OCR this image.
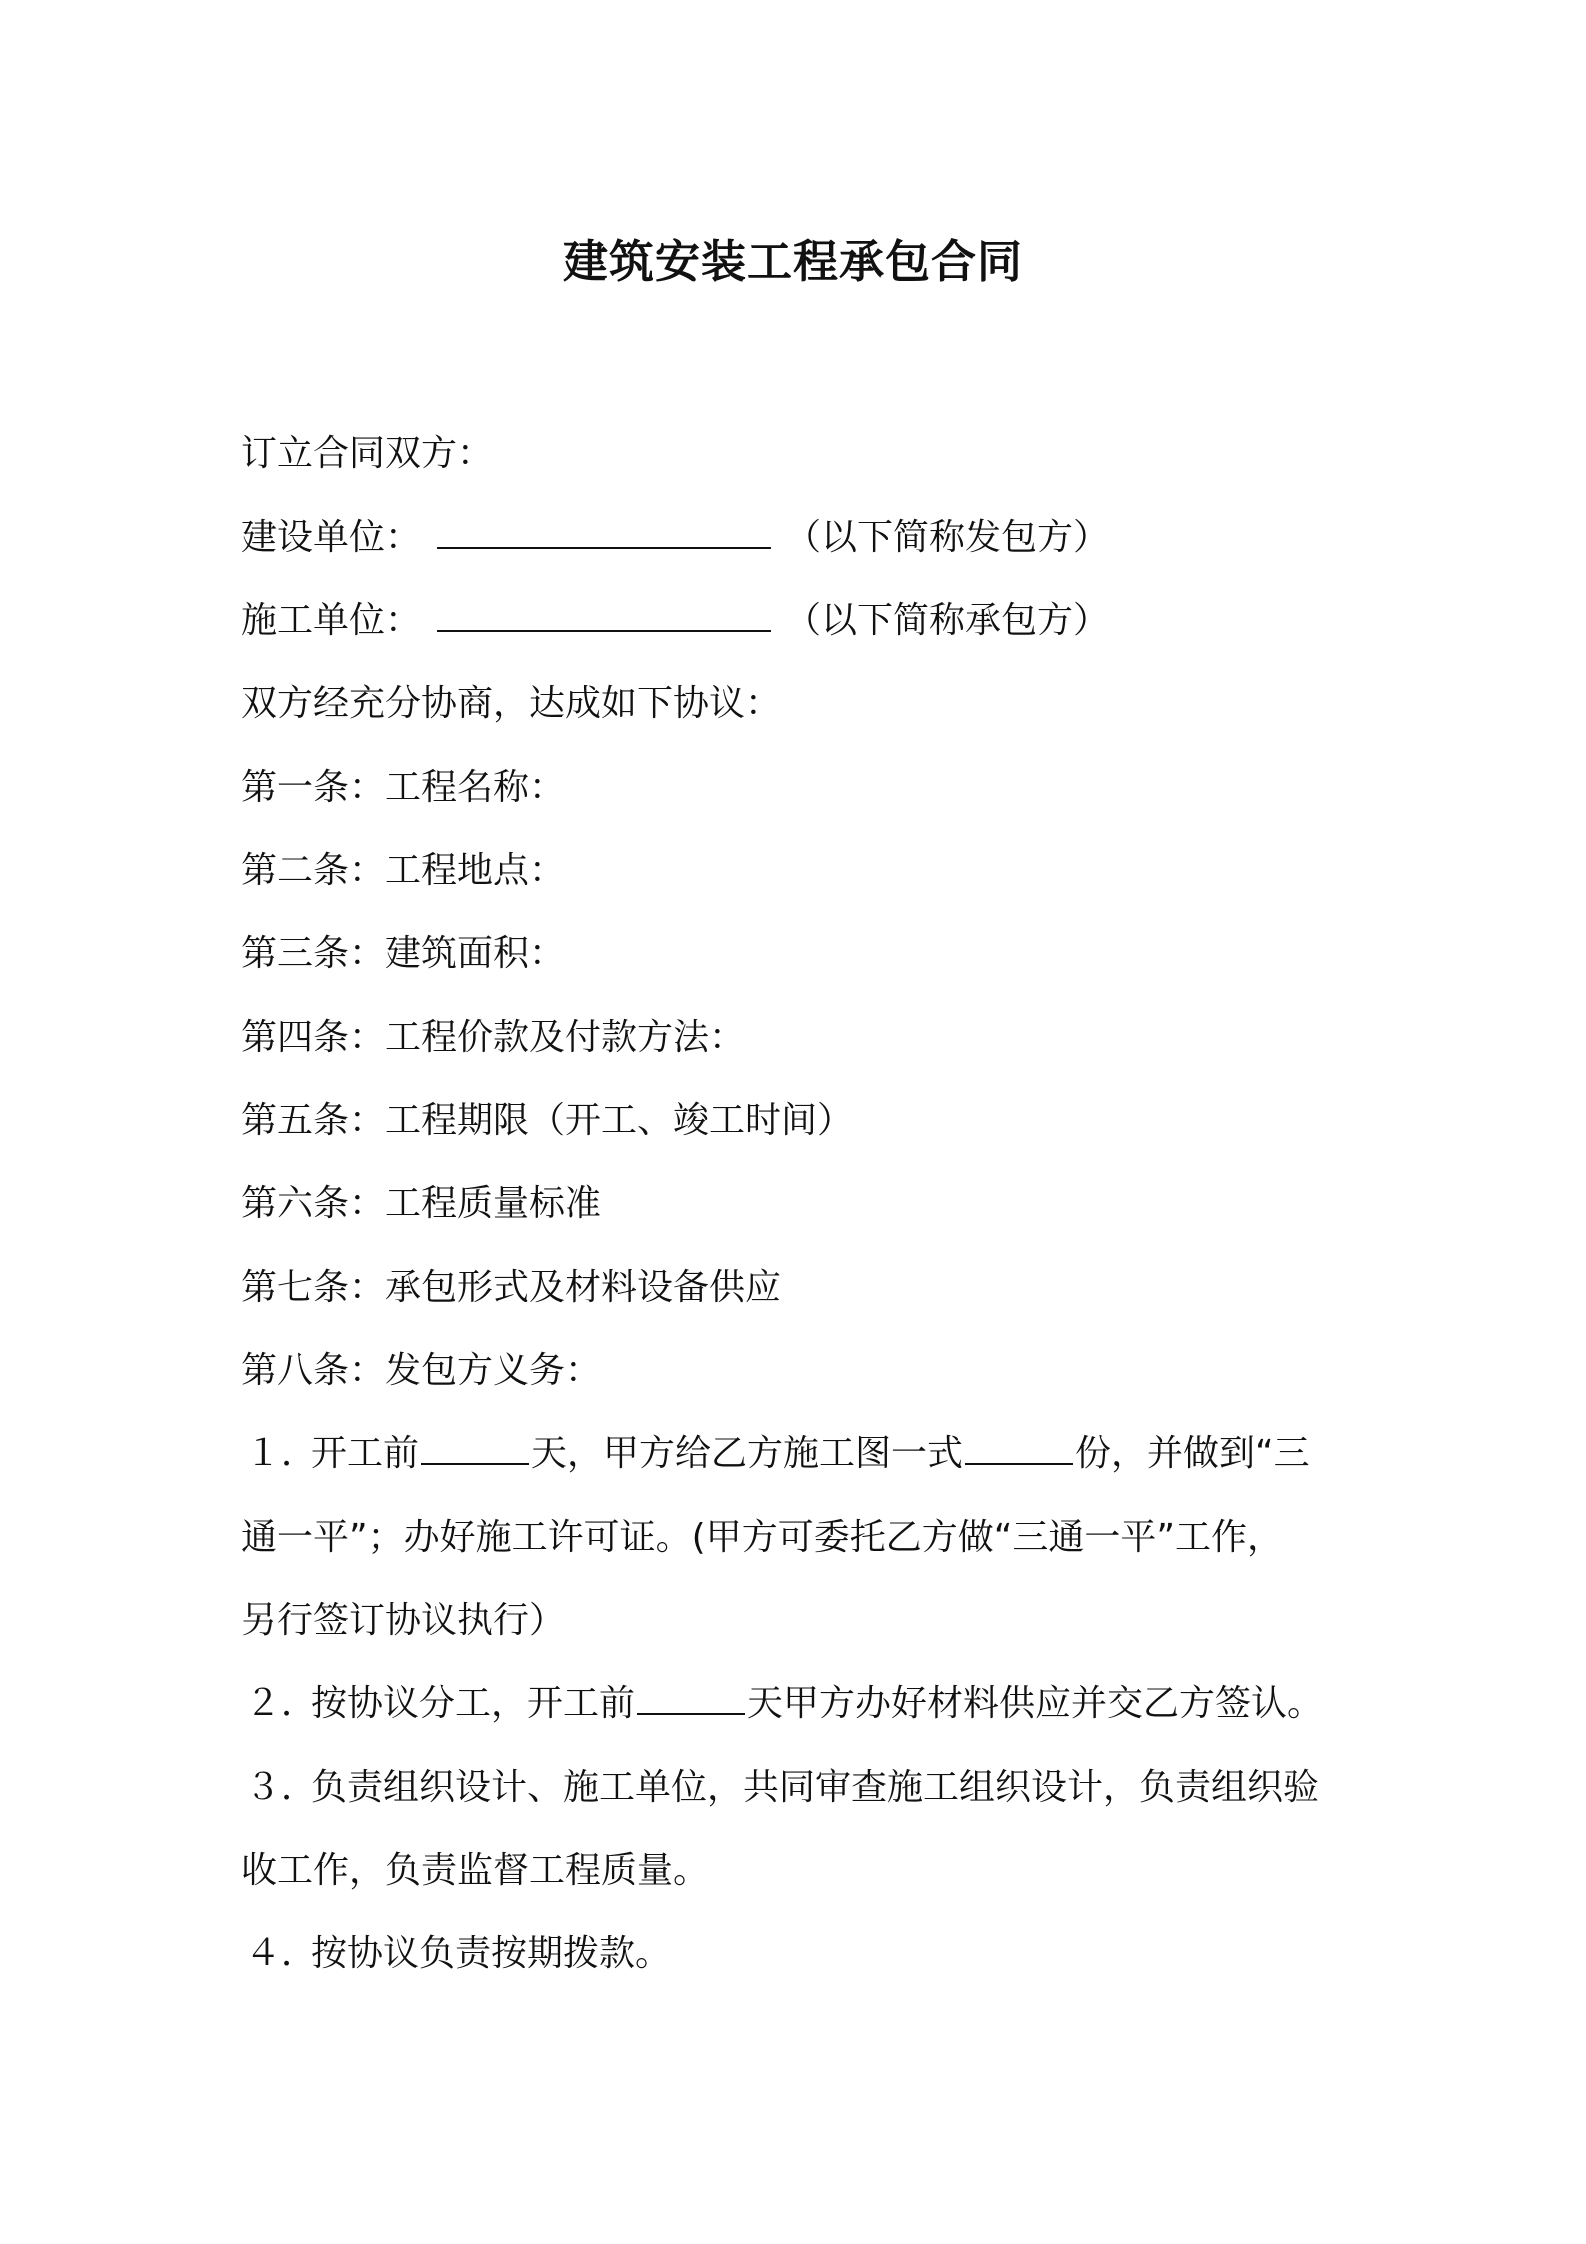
建筑安装工程承包合同
订立合同双方：
建设单位：	（以下简称发包方）
施工单位：	（以下简称承包方）
双方经充分协商，达成如下协议：
第一条：工程名称：
第二条：工程地点：
第三条：建筑面积：
第四条：工程价款及付款方法：
第五条：工程期限（开工、竣工时间）
第六条：工程质量标准
第七条：承包形式及材料设备供应
第八条：发包方义务：
１．开工前	天，甲方给乙方施工图一式	份，并做到“三
通一平”；办好施工许可证。(甲方可委托乙方做“三通一平”工作，
另行签订协议执行）
２．按协议分工，开工前	天甲方办好材料供应并交乙方签认。
３．负责组织设计、施工单位，共同审查施工组织设计，负责组织验
收工作，负责监督工程质量。
４．按协议负责按期拨款。
